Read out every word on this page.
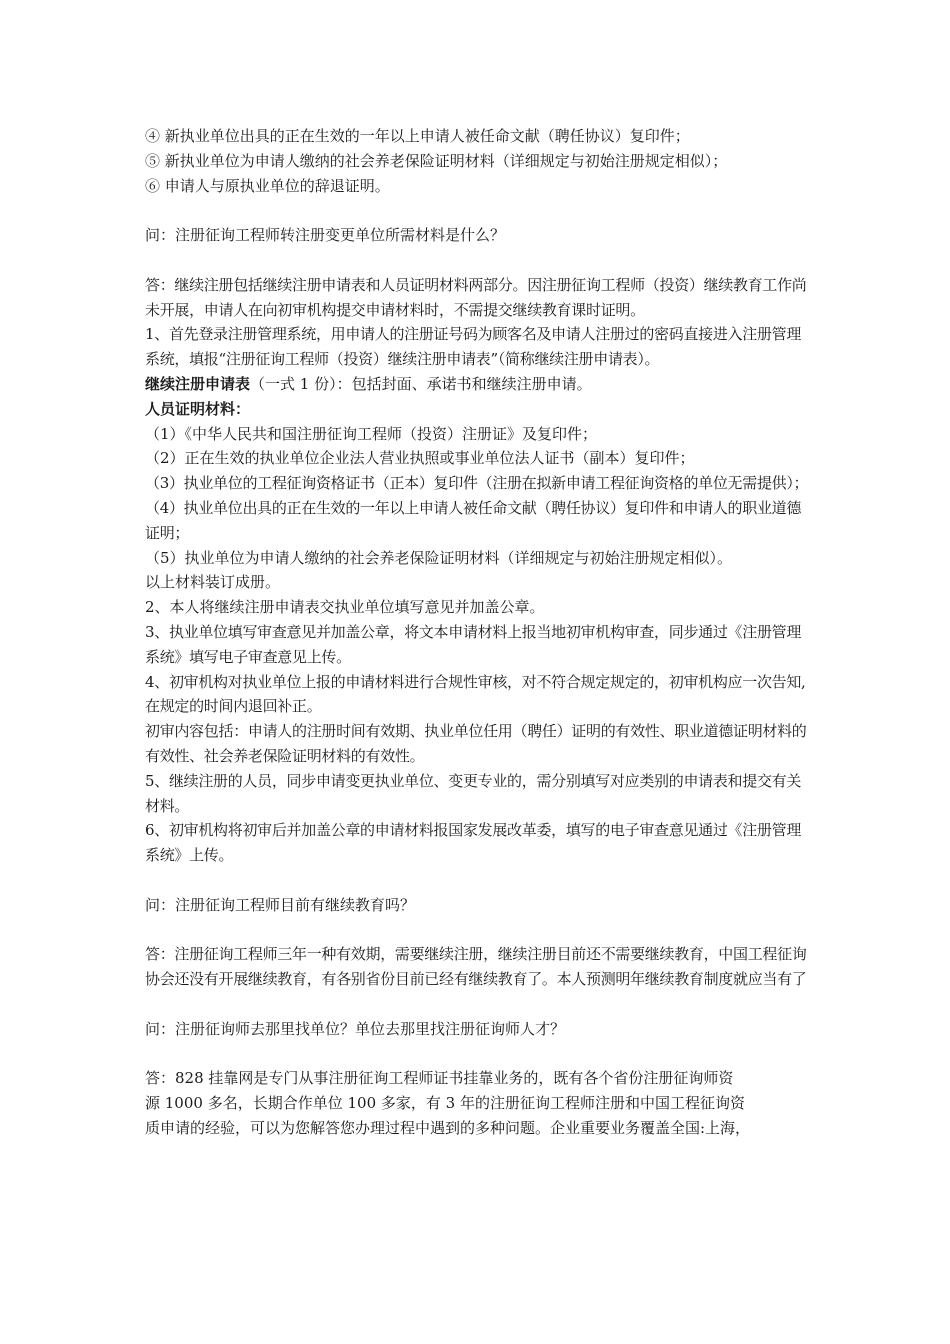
④ 新执业单位出具的正在生效的一年以上申请人被任命文献（聘任协议）复印件；

⑤ 新执业单位为申请人缴纳的社会养老保险证明材料（详细规定与初始注册规定相似）；

⑥ 申请人与原执业单位的辞退证明。

问：注册征询工程师转注册变更单位所需材料是什么？

答：继续注册包括继续注册申请表和人员证明材料两部分。因注册征询工程师（投资）继续教育工作尚未开展，申请人在向初审机构提交申请材料时，不需提交继续教育课时证明。

1、首先登录注册管理系统，用申请人的注册证号码为顾客名及申请人注册过的密码直接进入注册管理系统，填报“注册征询工程师（投资）继续注册申请表”（简称继续注册申请表）。

继续注册申请表（一式 1 份）：包括封面、承诺书和继续注册申请。

人员证明材料：

（1）《中华人民共和国注册征询工程师（投资）注册证》及复印件；

（2）正在生效的执业单位企业法人营业执照或事业单位法人证书（副本）复印件；

（3）执业单位的工程征询资格证书（正本）复印件（注册在拟新申请工程征询资格的单位无需提供）；

（4）执业单位出具的正在生效的一年以上申请人被任命文献（聘任协议）复印件和申请人的职业道德证明；

（5）执业单位为申请人缴纳的社会养老保险证明材料（详细规定与初始注册规定相似）。

以上材料装订成册。

2、本人将继续注册申请表交执业单位填写意见并加盖公章。

3、执业单位填写审查意见并加盖公章，将文本申请材料上报当地初审机构审查，同步通过《注册管理系统》填写电子审查意见上传。

4、初审机构对执业单位上报的申请材料进行合规性审核，对不符合规定规定的，初审机构应一次告知,在规定的时间内退回补正。

初审内容包括：申请人的注册时间有效期、执业单位任用（聘任）证明的有效性、职业道德证明材料的有效性、社会养老保险证明材料的有效性。

5、继续注册的人员，同步申请变更执业单位、变更专业的，需分别填写对应类别的申请表和提交有关材料。

6、初审机构将初审后并加盖公章的申请材料报国家发展改革委，填写的电子审查意见通过《注册管理系统》上传。

问：注册征询工程师目前有继续教育吗？

答：注册征询工程师三年一种有效期，需要继续注册，继续注册目前还不需要继续教育，中国工程征询协会还没有开展继续教育，有各别省份目前已经有继续教育了。本人预测明年继续教育制度就应当有了

问：注册征询师去那里找单位？单位去那里找注册征询师人才？

答：828 挂靠网是专门从事注册征询工程师证书挂靠业务的，既有各个省份注册征询师资

源 1000 多名，长期合作单位 100 多家，有 3 年的注册征询工程师注册和中国工程征询资

质申请的经验，可以为您解答您办理过程中遇到的多种问题。企业重要业务覆盖全国:上海，
